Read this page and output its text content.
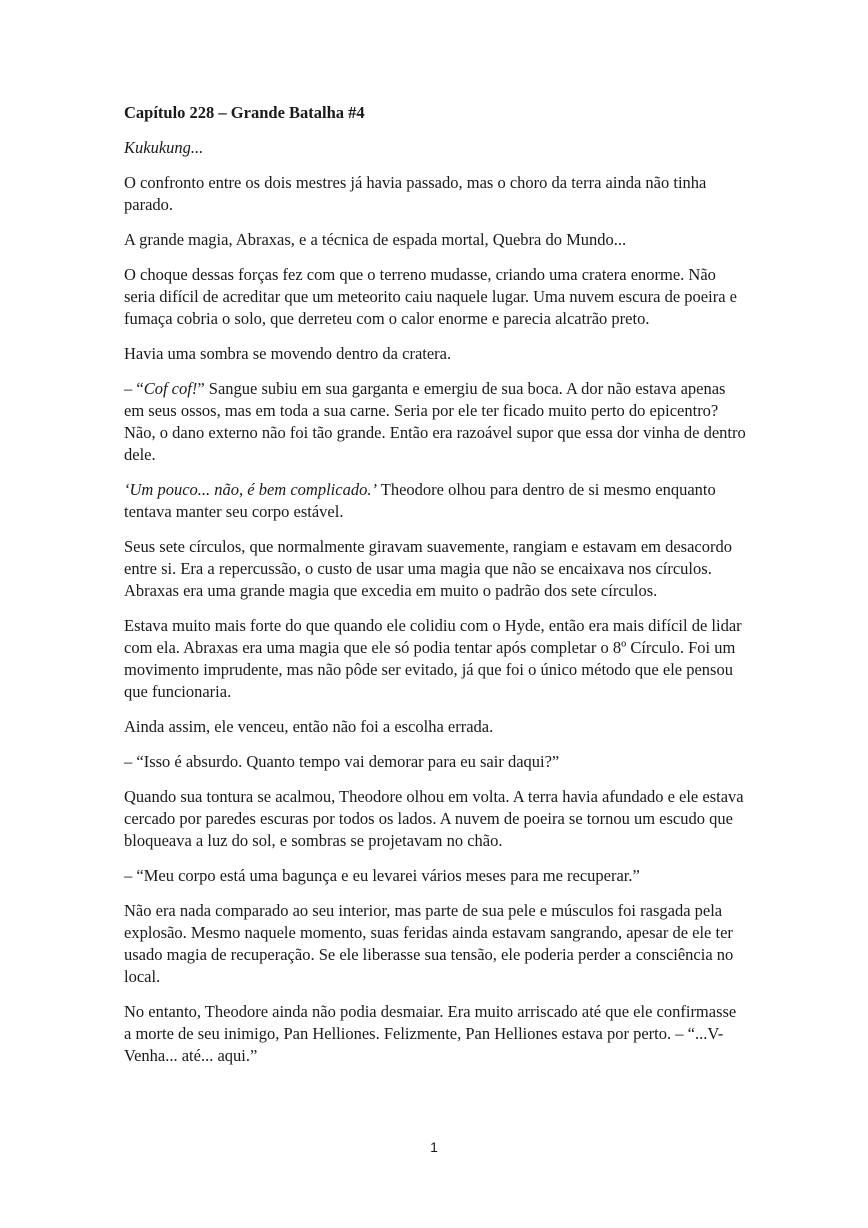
Capítulo 228 – Grande Batalha #4
Kukukung...
O confronto entre os dois mestres já havia passado, mas o choro da terra ainda não tinha parado.
A grande magia, Abraxas, e a técnica de espada mortal, Quebra do Mundo...
O choque dessas forças fez com que o terreno mudasse, criando uma cratera enorme. Não seria difícil de acreditar que um meteorito caiu naquele lugar. Uma nuvem escura de poeira e fumaça cobria o solo, que derreteu com o calor enorme e parecia alcatrão preto.
Havia uma sombra se movendo dentro da cratera.
– “Cof cof!” Sangue subiu em sua garganta e emergiu de sua boca. A dor não estava apenas em seus ossos, mas em toda a sua carne. Seria por ele ter ficado muito perto do epicentro? Não, o dano externo não foi tão grande. Então era razoável supor que essa dor vinha de dentro dele.
‘Um pouco... não, é bem complicado.’ Theodore olhou para dentro de si mesmo enquanto tentava manter seu corpo estável.
Seus sete círculos, que normalmente giravam suavemente, rangiam e estavam em desacordo entre si. Era a repercussão, o custo de usar uma magia que não se encaixava nos círculos. Abraxas era uma grande magia que excedia em muito o padrão dos sete círculos.
Estava muito mais forte do que quando ele colidiu com o Hyde, então era mais difícil de lidar com ela. Abraxas era uma magia que ele só podia tentar após completar o 8º Círculo. Foi um movimento imprudente, mas não pôde ser evitado, já que foi o único método que ele pensou que funcionaria.
Ainda assim, ele venceu, então não foi a escolha errada.
– “Isso é absurdo. Quanto tempo vai demorar para eu sair daqui?”
Quando sua tontura se acalmou, Theodore olhou em volta. A terra havia afundado e ele estava cercado por paredes escuras por todos os lados. A nuvem de poeira se tornou um escudo que bloqueava a luz do sol, e sombras se projetavam no chão.
– “Meu corpo está uma bagunça e eu levarei vários meses para me recuperar.”
Não era nada comparado ao seu interior, mas parte de sua pele e músculos foi rasgada pela explosão. Mesmo naquele momento, suas feridas ainda estavam sangrando, apesar de ele ter usado magia de recuperação. Se ele liberasse sua tensão, ele poderia perder a consciência no local.
No entanto, Theodore ainda não podia desmaiar. Era muito arriscado até que ele confirmasse a morte de seu inimigo, Pan Helliones. Felizmente, Pan Helliones estava por perto. – “...V-Venha... até... aqui.”
1
